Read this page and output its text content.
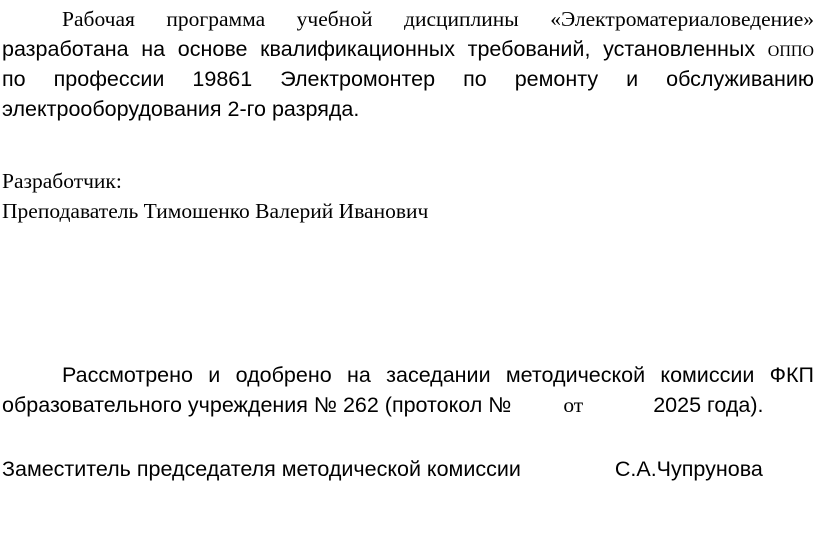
Рабочая программа учебной дисциплины «Электроматериаловедение»
разработана на основе квалификационных требований, установленных ОППО
по профессии 19861 Электромонтер по ремонту и обслуживанию
электрооборудования 2-го разряда.
Разработчик:
Преподаватель Тимошенко Валерий Иванович
Рассмотрено и одобрено на заседании методической комиссии ФКП
образовательного учреждения № 262 (протокол № от	2025 года).
Заместитель председателя методической комиссии	С.А.Чупрунова
